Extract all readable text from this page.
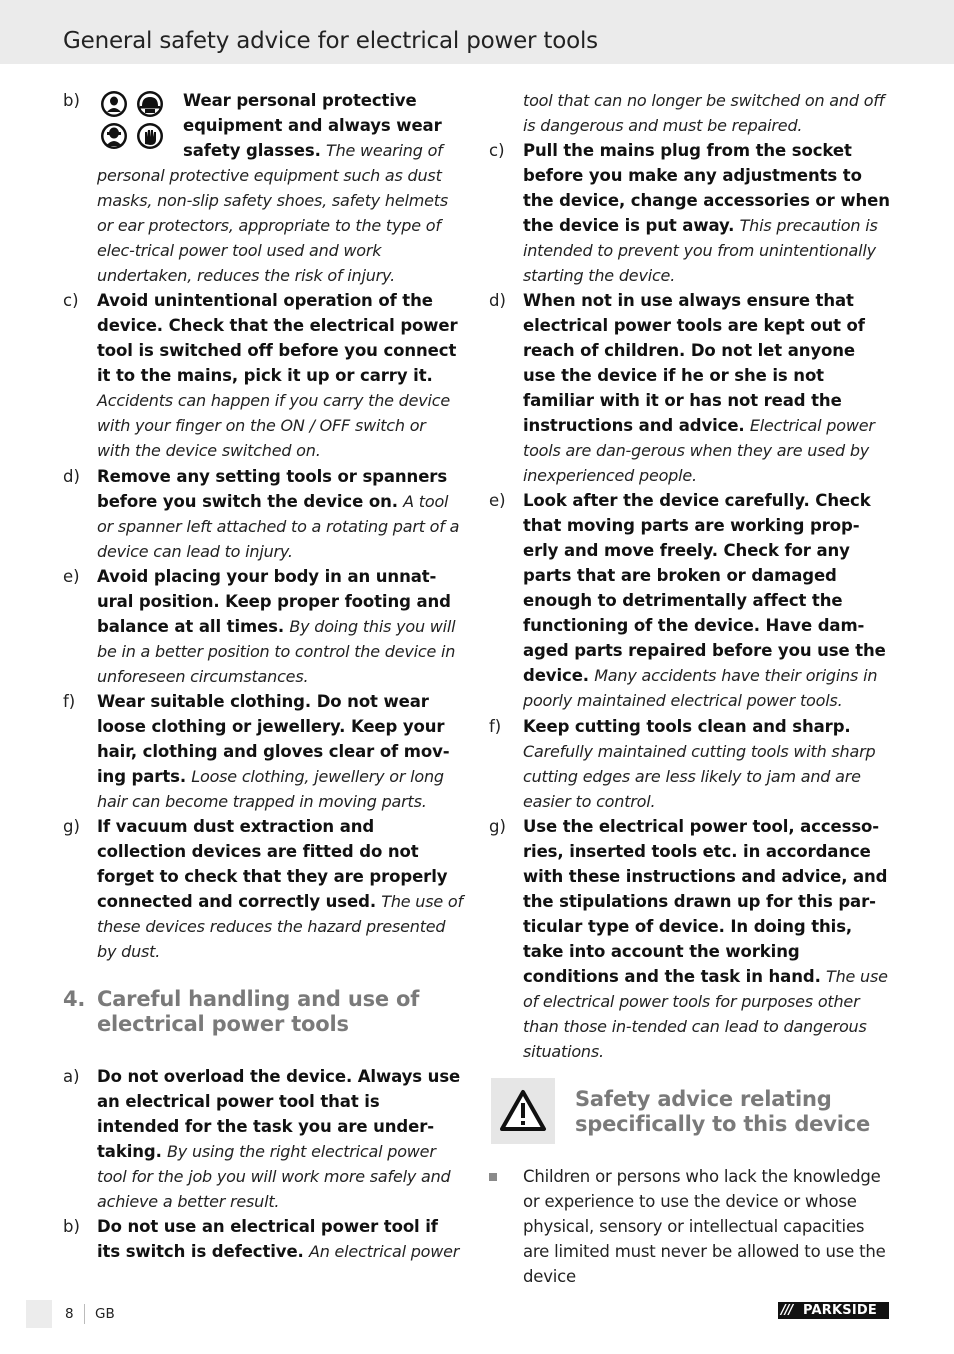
General safety advice for electrical power tools
b)	Wear personal protective equipment and always wear safety glasses. The wearing of personal protective equipment such as dust masks, non-slip safety shoes, safety helmets or ear protectors, appropriate to the type of elec-trical power tool used and work undertaken, reduces the risk of injury.
c) Avoid unintentional operation of the device. Check that the electrical power tool is switched off before you connect it to the mains, pick it up or carry it. Accidents can happen if you carry the device with your finger on the ON / OFF switch or with the device switched on.
d) Remove any setting tools or spanners before you switch the device on. A tool or spanner left attached to a rotating part of a device can lead to injury.
e) Avoid placing your body in an unnat-ural position. Keep proper footing and balance at all times. By doing this you will be in a better position to control the device in unforeseen circumstances.
f) Wear suitable clothing. Do not wear loose clothing or jewellery. Keep your hair, clothing and gloves clear of mov-ing parts. Loose clothing, jewellery or long hair can become trapped in moving parts.
g) If vacuum dust extraction and collection devices are fitted do not forget to check that they are properly connected and correctly used. The use of these devices reduces the hazard presented by dust.
4. Careful handling and use of electrical power tools
a) Do not overload the device. Always use an electrical power tool that is intended for the task you are under-taking. By using the right electrical power tool for the job you will work more safely and achieve a better result.
b) Do not use an electrical power tool if its switch is defective. An electrical power
tool that can no longer be switched on and off is dangerous and must be repaired.
c) Pull the mains plug from the socket before you make any adjustments to the device, change accessories or when the device is put away. This precaution is intended to prevent you from unintentionally starting the device.
d) When not in use always ensure that electrical power tools are kept out of reach of children. Do not let anyone use the device if he or she is not familiar with it or has not read the instructions and advice. Electrical power tools are dan-gerous when they are used by inexperienced people.
e) Look after the device carefully. Check that moving parts are working prop-erly and move freely. Check for any parts that are broken or damaged enough to detrimentally affect the functioning of the device. Have dam-aged parts repaired before you use the device. Many accidents have their origins in poorly maintained electrical power tools.
f) Keep cutting tools clean and sharp.
Carefully maintained cutting tools with sharp cutting edges are less likely to jam and are easier to control.
g) Use the electrical power tool, accesso-ries, inserted tools etc. in accordance with these instructions and advice, and the stipulations drawn up for this par-ticular type of device. In doing this, take into account the working conditions and the task in hand. The use of electrical power tools for purposes other than those in-tended can lead to dangerous situations.
Safety advice relating specifically to this device
Children or persons who lack the knowledge or experience to use the device or whose physical, sensory or intellectual capacities are limited must never be allowed to use the device
8 GB	/// PARKSIDE
